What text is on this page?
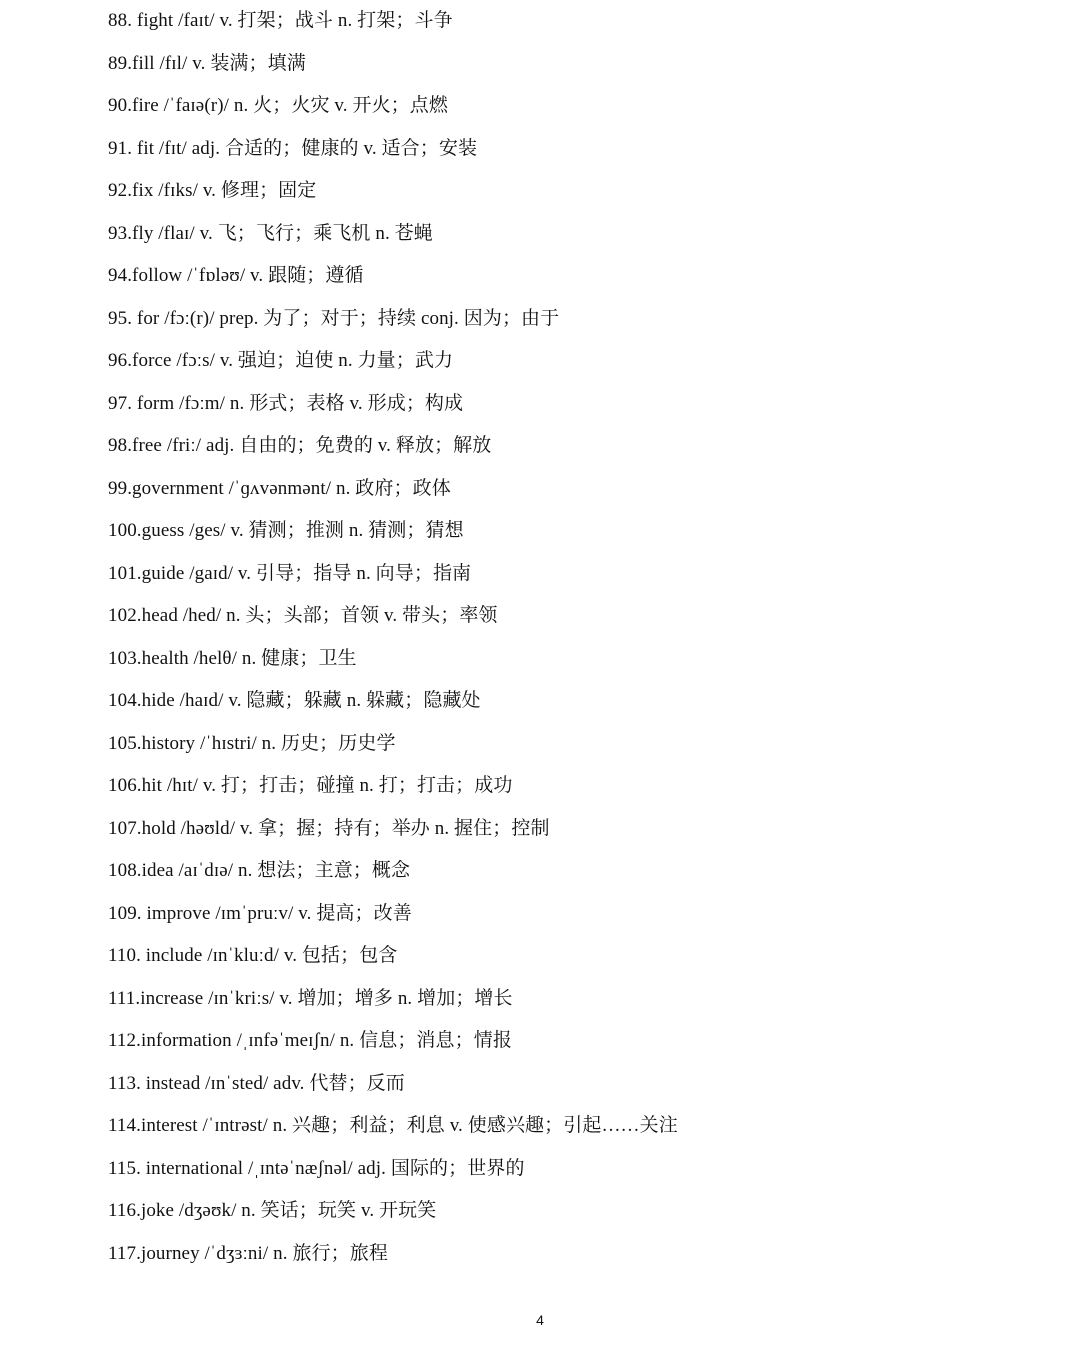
88. fight /faɪt/ v. 打架；战斗 n. 打架；斗争
89.fill /fɪl/ v. 装满；填满
90.fire /ˈfaɪə(r)/ n. 火；火灾 v. 开火；点燃
91. fit /fɪt/ adj. 合适的；健康的 v. 适合；安装
92.fix /fɪks/ v. 修理；固定
93.fly /flaɪ/ v. 飞；飞行；乘飞机 n. 苍蝇
94.follow /ˈfɒləʊ/ v. 跟随；遵循
95. for /fɔː(r)/ prep. 为了；对于；持续 conj. 因为；由于
96.force /fɔːs/ v. 强迫；迫使 n. 力量；武力
97. form /fɔːm/ n. 形式；表格 v. 形成；构成
98.free /friː/ adj. 自由的；免费的 v. 释放；解放
99.government /ˈɡʌvənmənt/ n. 政府；政体
100.guess /ges/ v. 猜测；推测 n. 猜测；猜想
101.guide /gaɪd/ v. 引导；指导 n. 向导；指南
102.head /hed/ n. 头；头部；首领 v. 带头；率领
103.health /helθ/ n. 健康；卫生
104.hide /haɪd/ v. 隐藏；躲藏 n. 躲藏；隐藏处
105.history /ˈhɪstri/ n. 历史；历史学
106.hit /hɪt/ v. 打；打击；碰撞 n. 打；打击；成功
107.hold /həʊld/ v. 拿；握；持有；举办 n. 握住；控制
108.idea /aɪˈdɪə/ n. 想法；主意；概念
109. improve /ɪmˈpruːv/ v. 提高；改善
110. include /ɪnˈkluːd/ v. 包括；包含
111.increase /ɪnˈkriːs/ v. 增加；增多 n. 增加；增长
112.information /ˌɪnfəˈmeɪʃn/ n. 信息；消息；情报
113. instead /ɪnˈsted/ adv. 代替；反而
114.interest /ˈɪntrəst/ n. 兴趣；利益；利息 v. 使感兴趣；引起……关注
115. international /ˌɪntəˈnæʃnəl/ adj. 国际的；世界的
116.joke /dʒəʊk/ n. 笑话；玩笑 v. 开玩笑
117.journey /ˈdʒɜːni/ n. 旅行；旅程
4
